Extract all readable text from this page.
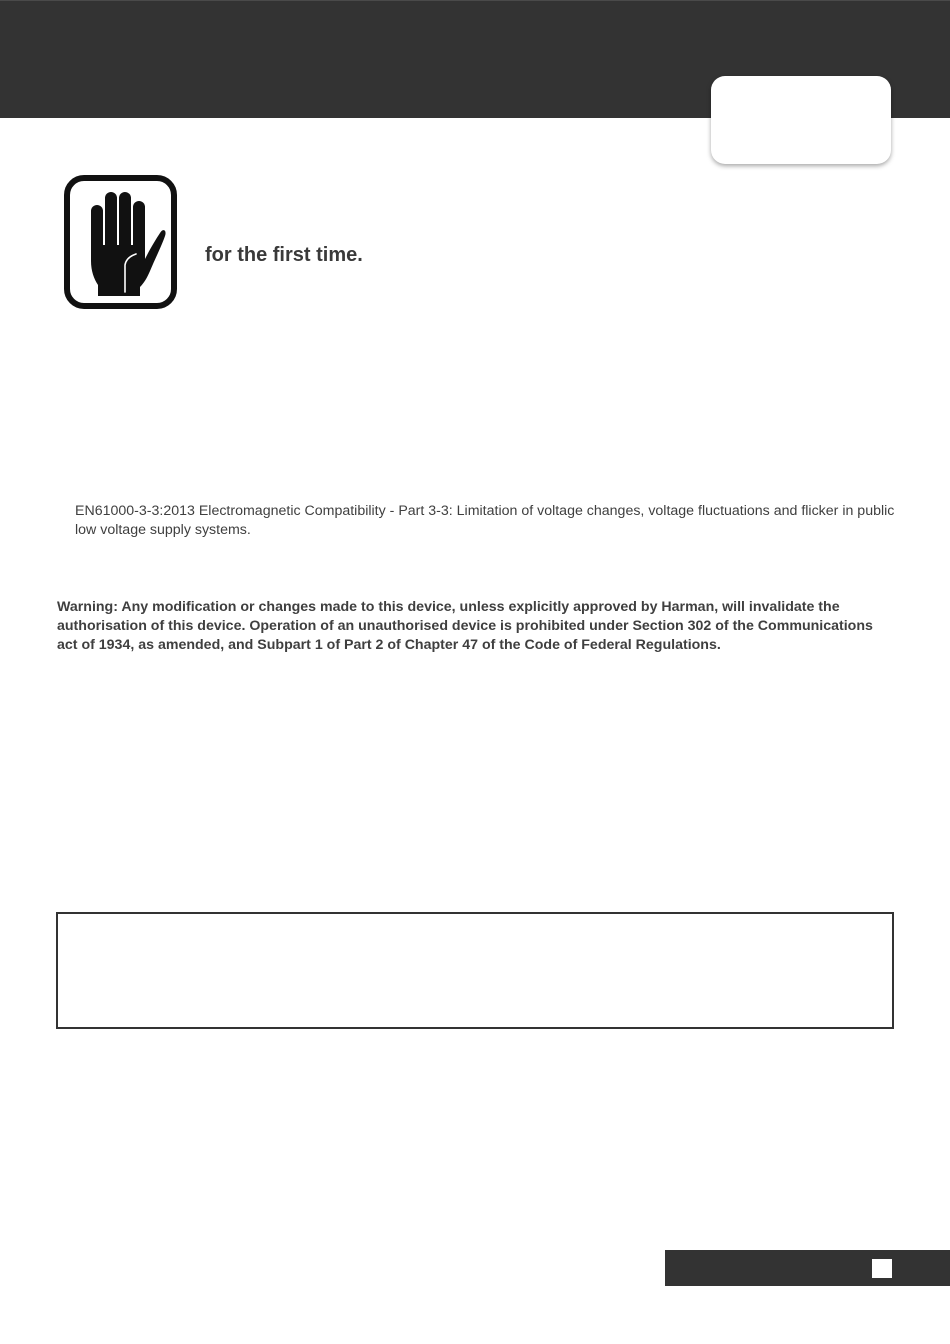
for the first time.

EN61000-3-3:2013 Electromagnetic Compatibility - Part 3-3: Limitation of voltage changes, voltage fluctuations and flicker in public low voltage supply systems.

Warning: Any modification or changes made to this device, unless explicitly approved by Harman, will invalidate the authorisation of this device. Operation of an unauthorised device is prohibited under Section 302 of the Communications act of 1934, as amended, and Subpart 1 of Part 2 of Chapter 47 of the Code of Federal Regulations.
